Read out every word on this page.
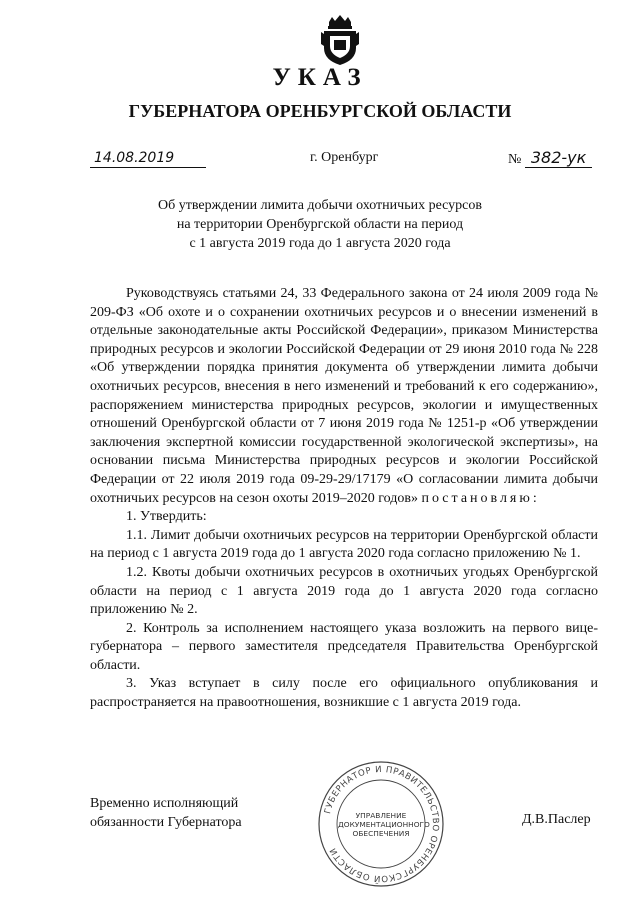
УКАЗ
ГУБЕРНАТОРА ОРЕНБУРГСКОЙ ОБЛАСТИ
14.08.2019	г. Оренбург	№ 382-ук
Об утверждении лимита добычи охотничьих ресурсов
на территории Оренбургской области на период
с 1 августа 2019 года до 1 августа 2020 года

Руководствуясь статьями 24, 33 Федерального закона от 24 июля 2009 года № 209-ФЗ «Об охоте и о сохранении охотничьих ресурсов и о внесении изменений в отдельные законодательные акты Российской Федерации», приказом Министерства природных ресурсов и экологии Российской Федерации от 29 июня 2010 года № 228 «Об утверждении порядка принятия документа об утверждении лимита добычи охотничьих ресурсов, внесения в него изменений и требований к его содержанию», распоряжением министерства природных ресурсов, экологии и имущественных отношений Оренбургской области от 7 июня 2019 года № 1251-р «Об утверждении заключения экспертной комиссии государственной экологической экспертизы», на основании письма Министерства природных ресурсов и экологии Российской Федерации от 22 июля 2019 года 09-29-29/17179 «О согласовании лимита добычи охотничьих ресурсов на сезон охоты 2019–2020 годов» постановляю:

1. Утвердить:

1.1. Лимит добычи охотничьих ресурсов на территории Оренбургской области на период с 1 августа 2019 года до 1 августа 2020 года согласно приложению № 1.

1.2. Квоты добычи охотничьих ресурсов в охотничьих угодьях Оренбургской области на период с 1 августа 2019 года до 1 августа 2020 года согласно приложению № 2.

2. Контроль за исполнением настоящего указа возложить на первого вице-губернатора – первого заместителя председателя Правительства Оренбургской области.

3. Указ вступает в силу после его официального опубликования и распространяется на правоотношения, возникшие с 1 августа 2019 года.

Временно исполняющий
обязанности Губернатора	Д.В.Паслер
ГУБЕРНАТОР И ПРАВИТЕЛЬСТВО ОРЕНБУРГСКОЙ ОБЛАСТИ
УПРАВЛЕНИЕ
ДОКУМЕНТАЦИОННОГО
ОБЕСПЕЧЕНИЯ
